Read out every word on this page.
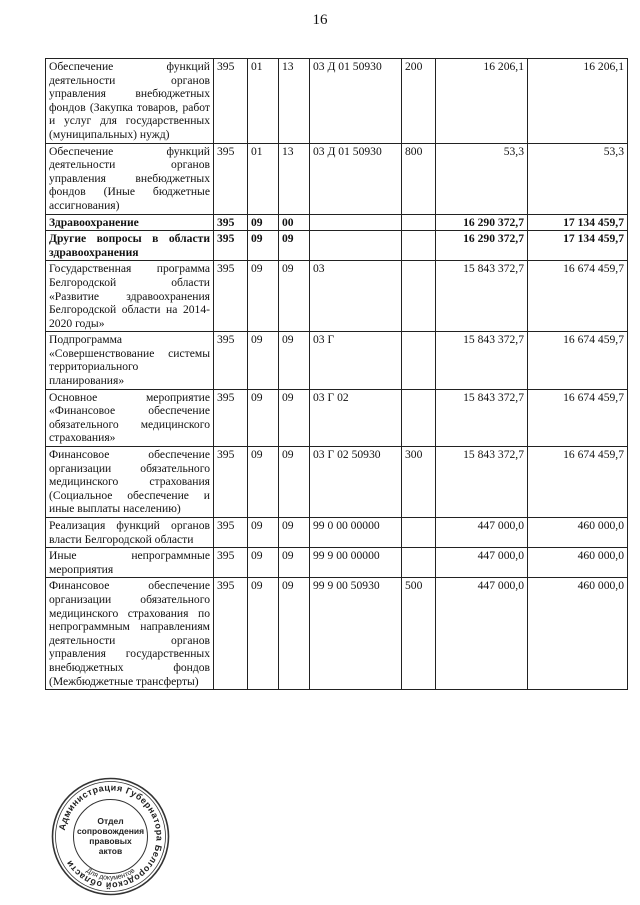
16
Обеспечение функций деятельности органов управления внебюджетных фондов (Закупка товаров, работ и услуг для государственных (муниципальных) нужд)	395	01	13	03 Д 01 50930	200	16 206,1	16 206,1
Обеспечение функций деятельности органов управления внебюджетных фондов (Иные бюджетные ассигнования)	395	01	13	03 Д 01 50930	800	53,3	53,3
Здравоохранение	395	09	00			16 290 372,7	17 134 459,7
Другие вопросы в области здравоохранения	395	09	09			16 290 372,7	17 134 459,7
Государственная программа Белгородской области «Развитие здравоохранения Белгородской области на 2014-2020 годы»	395	09	09	03		15 843 372,7	16 674 459,7
Подпрограмма «Совершенствование системы территориального планирования»	395	09	09	03 Г		15 843 372,7	16 674 459,7
Основное мероприятие «Финансовое обеспечение обязательного медицинского страхования»	395	09	09	03 Г 02		15 843 372,7	16 674 459,7
Финансовое обеспечение организации обязательного медицинского страхования (Социальное обеспечение и иные выплаты населению)	395	09	09	03 Г 02 50930	300	15 843 372,7	16 674 459,7
Реализация функций органов власти Белгородской области	395	09	09	99 0 00 00000		447 000,0	460 000,0
Иные непрограммные мероприятия	395	09	09	99 9 00 00000		447 000,0	460 000,0
Финансовое обеспечение организации обязательного медицинского страхования по непрограммным направлениям деятельности органов управления государственных внебюджетных фондов (Межбюджетные трансферты)	395	09	09	99 9 00 50930	500	447 000,0	460 000,0
Администрация Губернатора Белгородской области
Отдел
сопровождения
правовых
актов
Для документов
